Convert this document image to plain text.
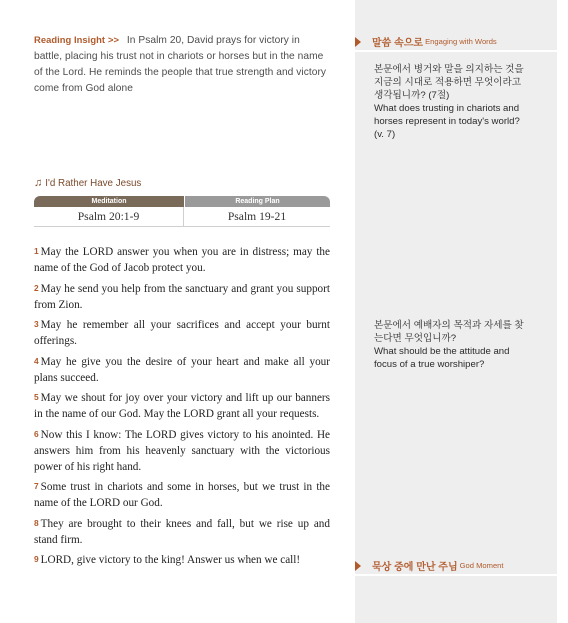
Reading Insight >> In Psalm 20, David prays for victory in battle, placing his trust not in chariots or horses but in the name of the Lord. He reminds the people that true strength and victory come from God alone

♫ I'd Rather Have Jesus
Meditation	Reading Plan
Psalm 20:1-9	Psalm 19-21

1 May the LORD answer you when you are in distress; may the name of the God of Jacob protect you.

2 May he send you help from the sanctuary and grant you support from Zion.

3 May he remember all your sacrifices and accept your burnt offerings.

4 May he give you the desire of your heart and make all your plans succeed.

5 May we shout for joy over your victory and lift up our banners in the name of our God. May the LORD grant all your requests.

6 Now this I know: The LORD gives victory to his anointed. He answers him from his heavenly sanctuary with the victorious power of his right hand.

7 Some trust in chariots and some in horses, but we trust in the name of the LORD our God.

8 They are brought to their knees and fall, but we rise up and stand firm.

9 LORD, give victory to the king! Answer us when we call!

말씀 속으로 Engaging with Words

본문에서 병거와 말을 의지하는 것을 지금의 시대로 적용하면 무엇이라고 생각됩니까? (7절)

What does trusting in chariots and horses represent in today's world? (v. 7)

본문에서 예배자의 목적과 자세를 찾는다면 무엇입니까?

What should be the attitude and focus of a true worshiper?

묵상 중에 만난 주님 God Moment
